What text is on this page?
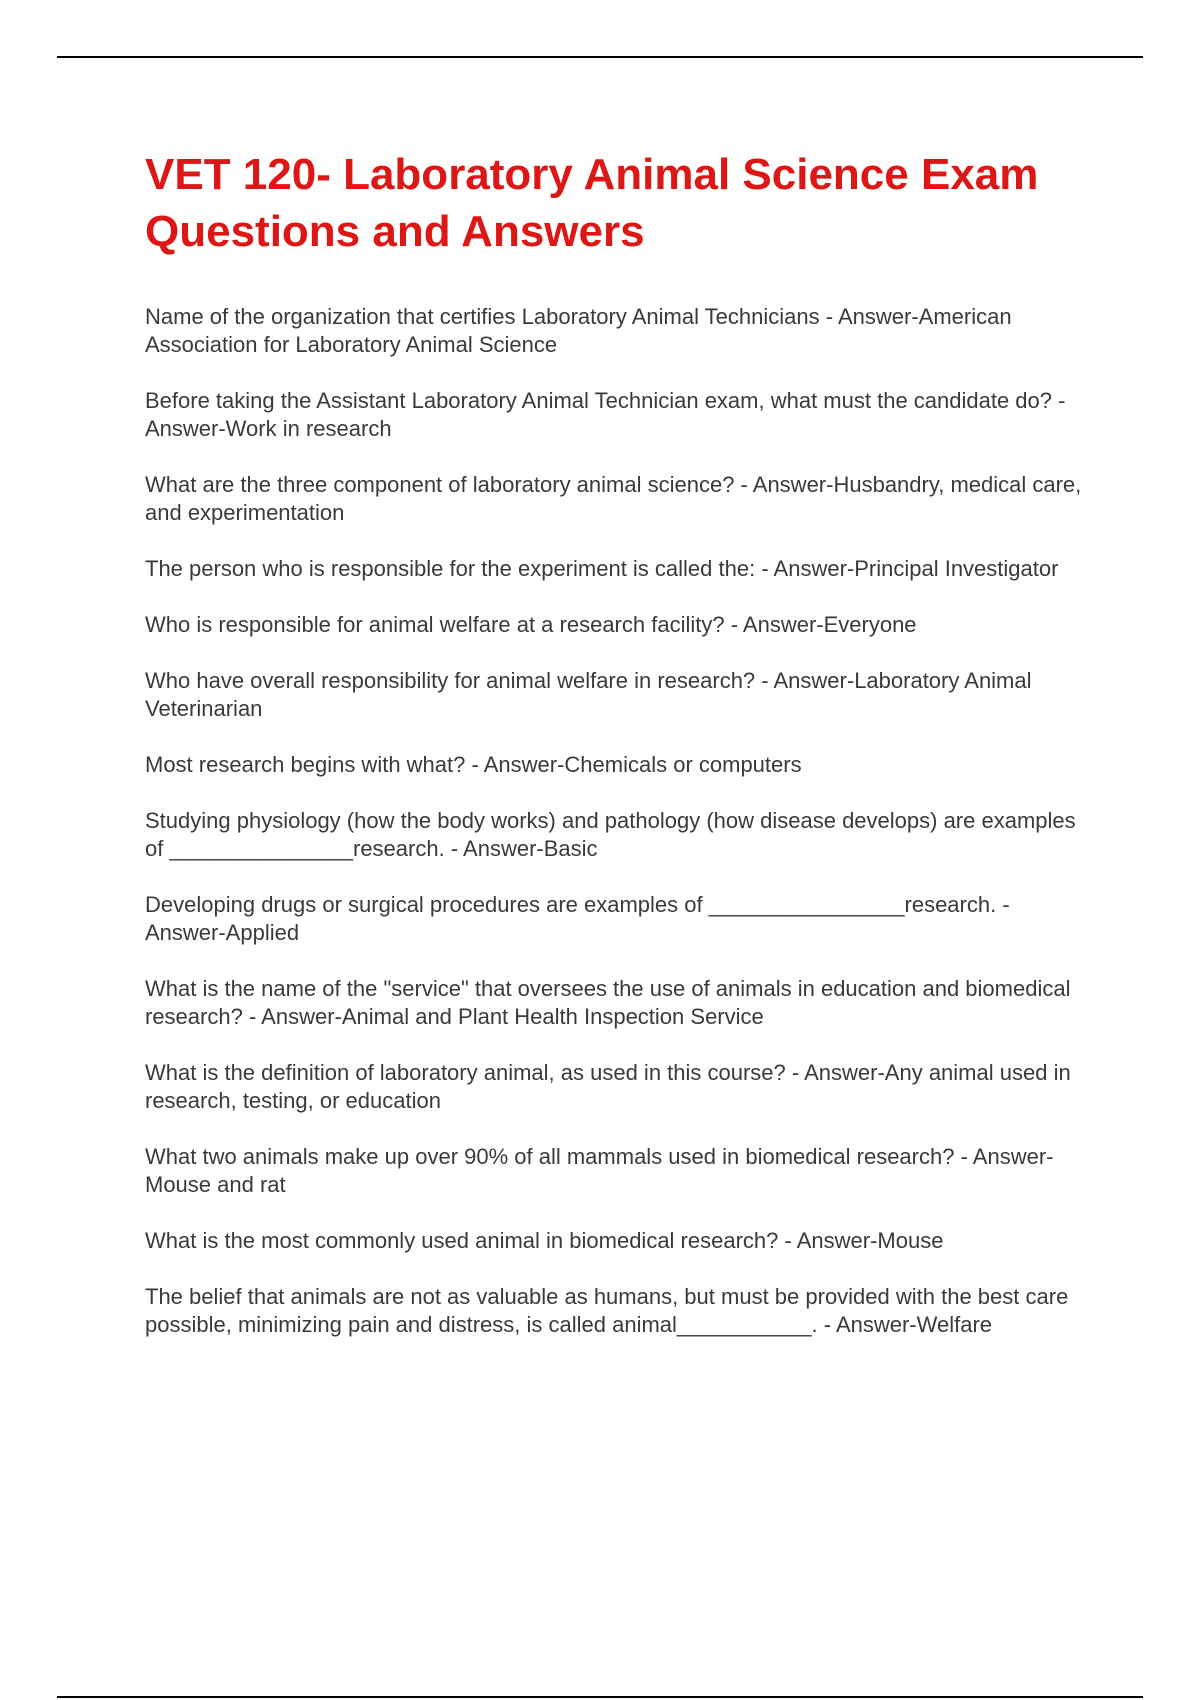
VET 120- Laboratory Animal Science Exam Questions and Answers

Name of the organization that certifies Laboratory Animal Technicians - Answer-American Association for Laboratory Animal Science

Before taking the Assistant Laboratory Animal Technician exam, what must the candidate do? - Answer-Work in research

What are the three component of laboratory animal science? - Answer-Husbandry, medical care, and experimentation

The person who is responsible for the experiment is called the: - Answer-Principal Investigator

Who is responsible for animal welfare at a research facility? - Answer-Everyone

Who have overall responsibility for animal welfare in research? - Answer-Laboratory Animal Veterinarian

Most research begins with what? - Answer-Chemicals or computers

Studying physiology (how the body works) and pathology (how disease develops) are examples of _______________research. - Answer-Basic

Developing drugs or surgical procedures are examples of ________________research. - Answer-Applied

What is the name of the "service" that oversees the use of animals in education and biomedical research? - Answer-Animal and Plant Health Inspection Service

What is the definition of laboratory animal, as used in this course? - Answer-Any animal used in research, testing, or education

What two animals make up over 90% of all mammals used in biomedical research? - Answer-Mouse and rat

What is the most commonly used animal in biomedical research? - Answer-Mouse

The belief that animals are not as valuable as humans, but must be provided with the best care possible, minimizing pain and distress, is called animal___________. - Answer-Welfare
